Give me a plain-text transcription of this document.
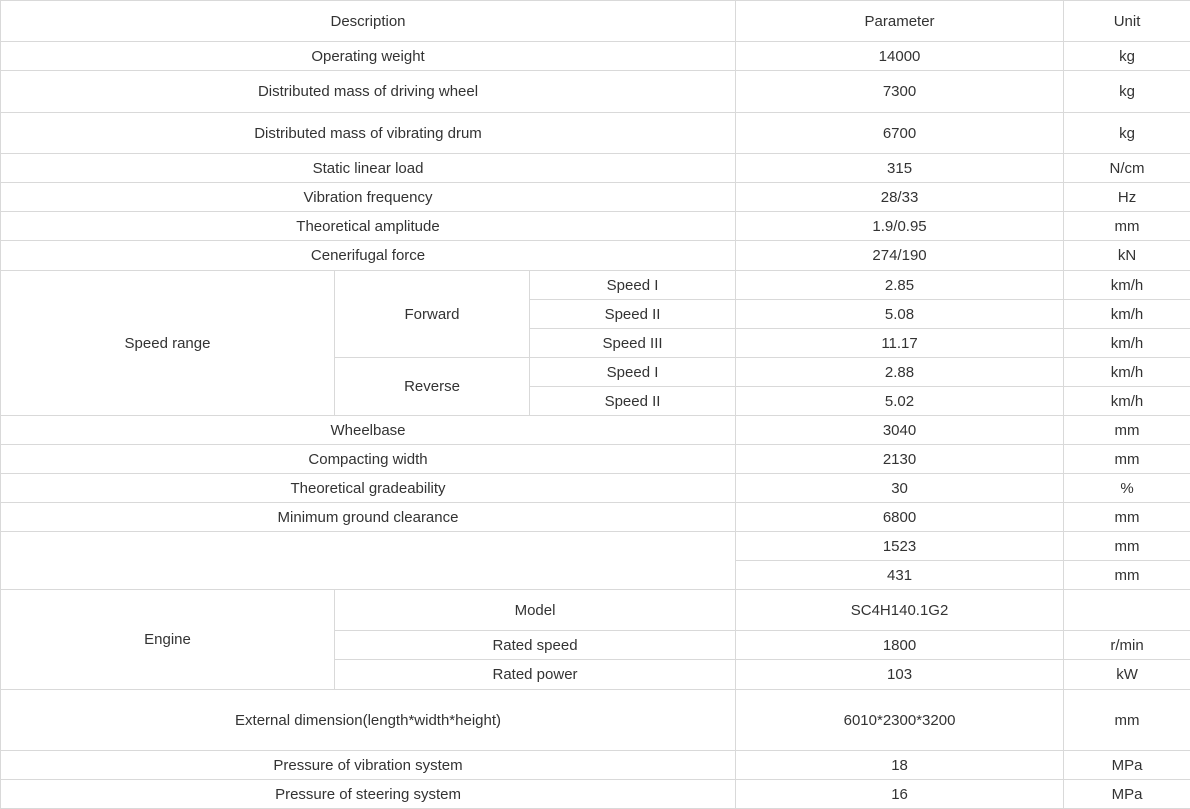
Description			Parameter	Unit
Operating weight			14000	kg
Distributed mass of driving wheel			7300	kg
Distributed mass of vibrating drum			6700	kg
Static linear load			315	N/cm
Vibration frequency			28/33	Hz
Theoretical amplitude			1.9/0.95	mm
Cenerifugal force			274/190	kN
Speed range	Forward	Speed I	2.85	km/h
		Speed II	5.08	km/h
		Speed III	11.17	km/h
	Reverse	Speed I	2.88	km/h
		Speed II	5.02	km/h
Wheelbase			3040	mm
Compacting width			2130	mm
Theoretical gradeability			30	%
Minimum ground clearance			6800	mm
			1523	mm
			431	mm
Engine	Model		SC4H140.1G2	
	Rated speed		1800	r/min
	Rated power		103	kW
External dimension(length*width*height)			6010*2300*3200	mm
Pressure of vibration system			18	MPa
Pressure of steering system			16	MPa
